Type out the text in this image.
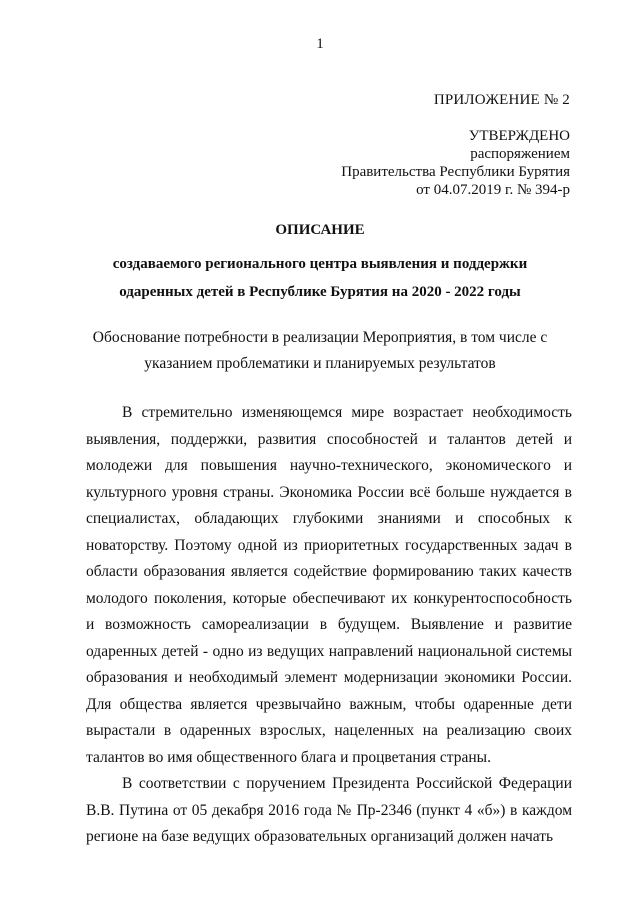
1
ПРИЛОЖЕНИЕ № 2
УТВЕРЖДЕНО
распоряжением
Правительства Республики Бурятия
от 04.07.2019 г. № 394-р
ОПИСАНИЕ
создаваемого регионального центра выявления и поддержки одаренных детей в Республике Бурятия на 2020 - 2022 годы
Обоснование потребности в реализации Мероприятия, в том числе с указанием проблематики и планируемых результатов

В стремительно изменяющемся мире возрастает необходимость выявления, поддержки, развития способностей и талантов детей и молодежи для повышения научно-технического, экономического и культурного уровня страны. Экономика России всё больше нуждается в специалистах, обладающих глубокими знаниями и способных к новаторству. Поэтому одной из приоритетных государственных задач в области образования является содействие формированию таких качеств молодого поколения, которые обеспечивают их конкурентоспособность и возможность самореализации в будущем. Выявление и развитие одаренных детей - одно из ведущих направлений национальной системы образования и необходимый элемент модернизации экономики России. Для общества является чрезвычайно важным, чтобы одаренные дети вырастали в одаренных взрослых, нацеленных на реализацию своих талантов во имя общественного блага и процветания страны.

В соответствии с поручением Президента Российской Федерации В.В. Путина от 05 декабря 2016 года № Пр-2346 (пункт 4 «б») в каждом регионе на базе ведущих образовательных организаций должен начать
